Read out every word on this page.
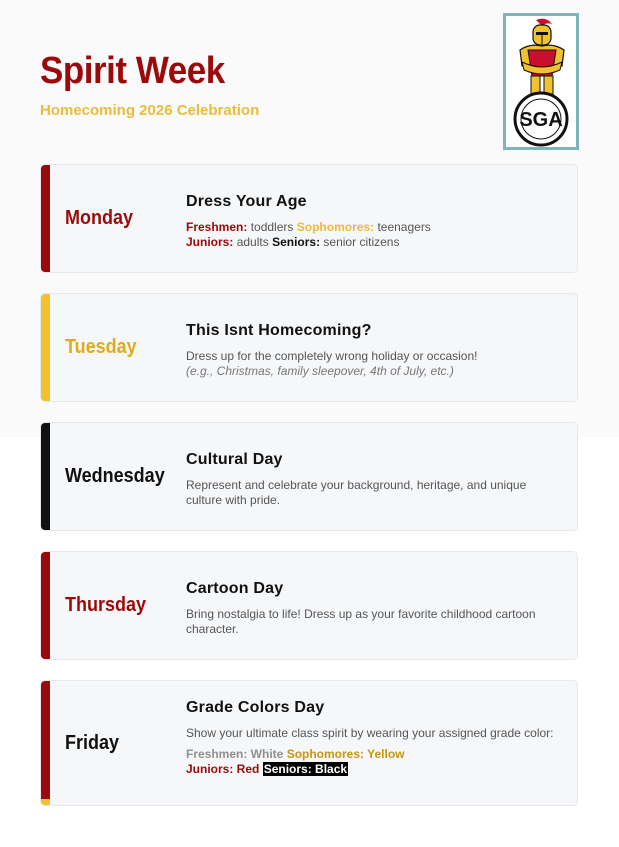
Spirit Week
Homecoming 2026 Celebration	SGA
Monday
Dress Your Age
Freshmen: toddlers Sophomores: teenagers
Juniors: adults Seniors: senior citizens
Tuesday
This Isnt Homecoming?
Dress up for the completely wrong holiday or occasion!
(e.g., Christmas, family sleepover, 4th of July, etc.)
Wednesday
Cultural Day
Represent and celebrate your background, heritage, and unique culture with pride.
Thursday
Cartoon Day
Bring nostalgia to life! Dress up as your favorite childhood cartoon character.
Friday
Grade Colors Day
Show your ultimate class spirit by wearing your assigned grade color:
Freshmen: White Sophomores: Yellow
Juniors: Red Seniors: Black
